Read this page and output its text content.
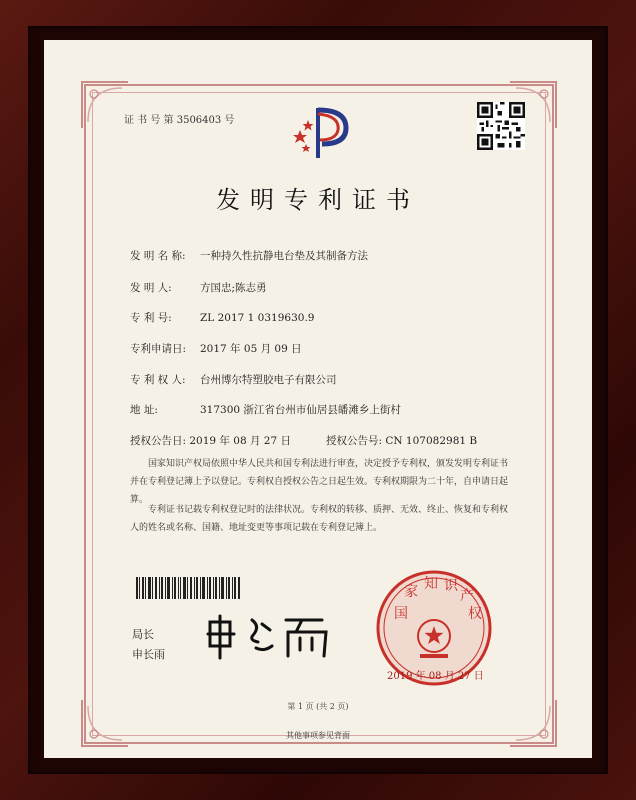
证 书 号 第 3506403 号
发明专利证书
发 明 名 称: 一种持久性抗静电台垫及其制备方法
发 明 人:	方国忠;陈志勇
专 利 号:	ZL 2017 1 0319630.9
专利申请日: 2017 年 05 月 09 日
专 利 权 人: 台州博尔特塑胶电子有限公司
地 址:	317300 浙江省台州市仙居县皤滩乡上街村
授权公告日: 2019 年 08 月 27 日	授权公告号: CN 107082981 B
国家知识产权局依照中华人民共和国专利法进行审查，决定授予专利权，颁发发明专利证书并在专利登记簿上予以登记。专利权自授权公告之日起生效。专利权期限为二十年，自申请日起算。
专利证书记载专利权登记时的法律状况。专利权的转移、质押、无效、终止、恢复和专利权人的姓名或名称、国籍、地址变更等事项记载在专利登记簿上。
局长
申长雨
国 家 知 识 产 权
2019 年 08 月 27 日
第 1 页 (共 2 页)
其他事项参见背面
